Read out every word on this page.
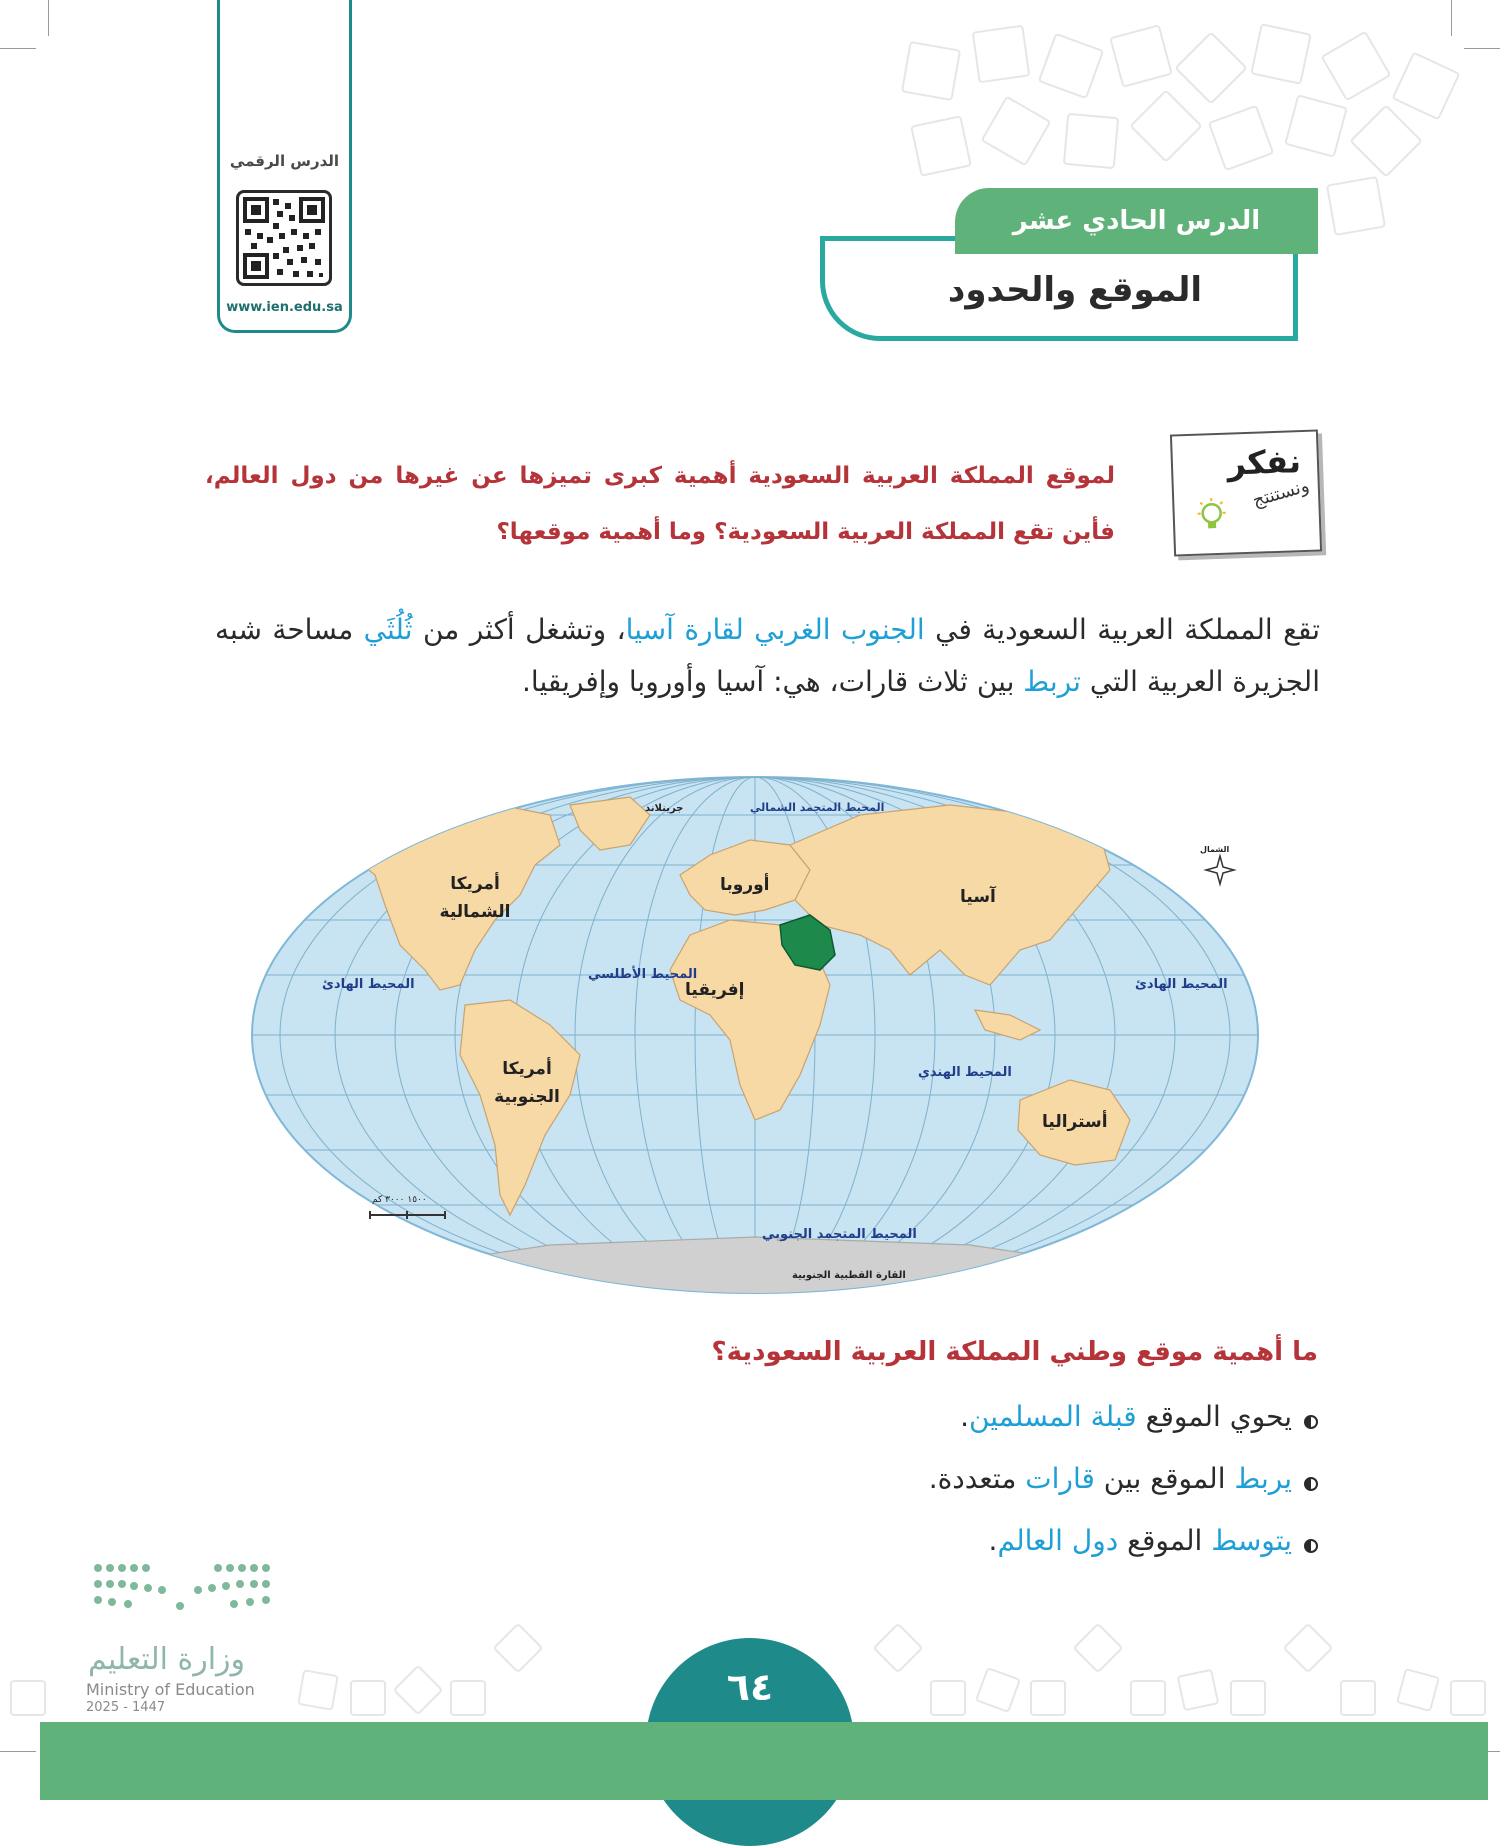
الدرس الرقمي
www.ien.edu.sa
الدرس الحادي عشر
الموقع والحدود
نفكر
ونستنتج
لموقع المملكة العربية السعودية أهمية كبرى تميزها عن غيرها من دول العالم، فأين تقع المملكة العربية السعودية؟ وما أهمية موقعها؟
تقع المملكة العربية السعودية في الجنوب الغربي لقارة آسيا، وتشغل أكثر من ثُلُثَي مساحة شبه الجزيرة العربية التي تربط بين ثلاث قارات، هي: آسيا وأوروبا وإفريقيا.
أمريكا الشمالية
أمريكا الجنوبية
أوروبا
آسيا
إفريقيا
أستراليا
جرينلاند
القارة القطبية الجنوبية
المحيط المتجمد الشمالي
المحيط الأطلسي
المحيط الهادئ	المحيط الهادئ
المحيط الهندي
المحيط المتجمد الجنوبي
الشمال
١٥٠٠ ٣٠٠٠ كم
ما أهمية موقع وطني المملكة العربية السعودية؟
يحوي الموقع قبلة المسلمين.
يربط الموقع بين قارات متعددة.
يتوسط الموقع دول العالم.
وزارة التعليم
Ministry of Education
2025 - 1447	٦٤
